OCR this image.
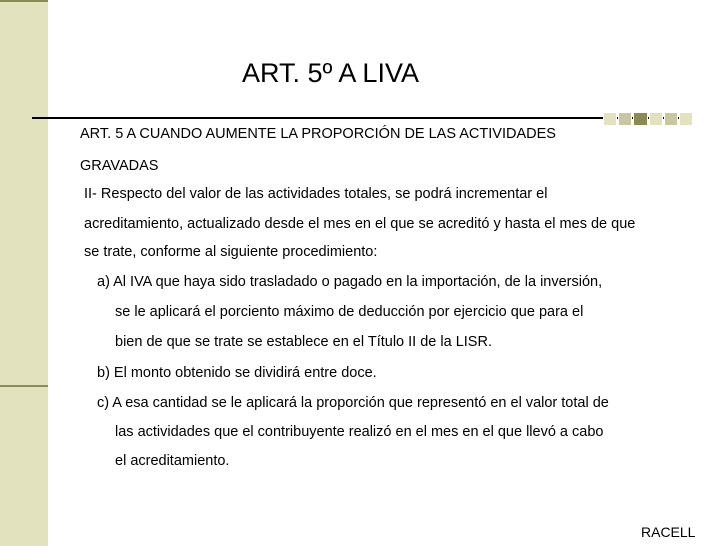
ART. 5º A LIVA
ART. 5 A CUANDO AUMENTE LA PROPORCIÓN DE LAS ACTIVIDADES
GRAVADAS
II- Respecto del valor de las actividades totales, se podrá incrementar el
acreditamiento, actualizado desde el mes en el que se acreditó y hasta el mes de que
se trate, conforme al siguiente procedimiento:
a) Al IVA que haya sido trasladado o pagado en la importación, de la inversión,
se le aplicará el porciento máximo de deducción por ejercicio que para el
bien de que se trate se establece en el Título II de la LISR.
b) El monto obtenido se dividirá entre doce.
c) A esa cantidad se le aplicará la proporción que representó en el valor total de
las actividades que el contribuyente realizó en el mes en el que llevó a cabo
el acreditamiento.
RACELL
